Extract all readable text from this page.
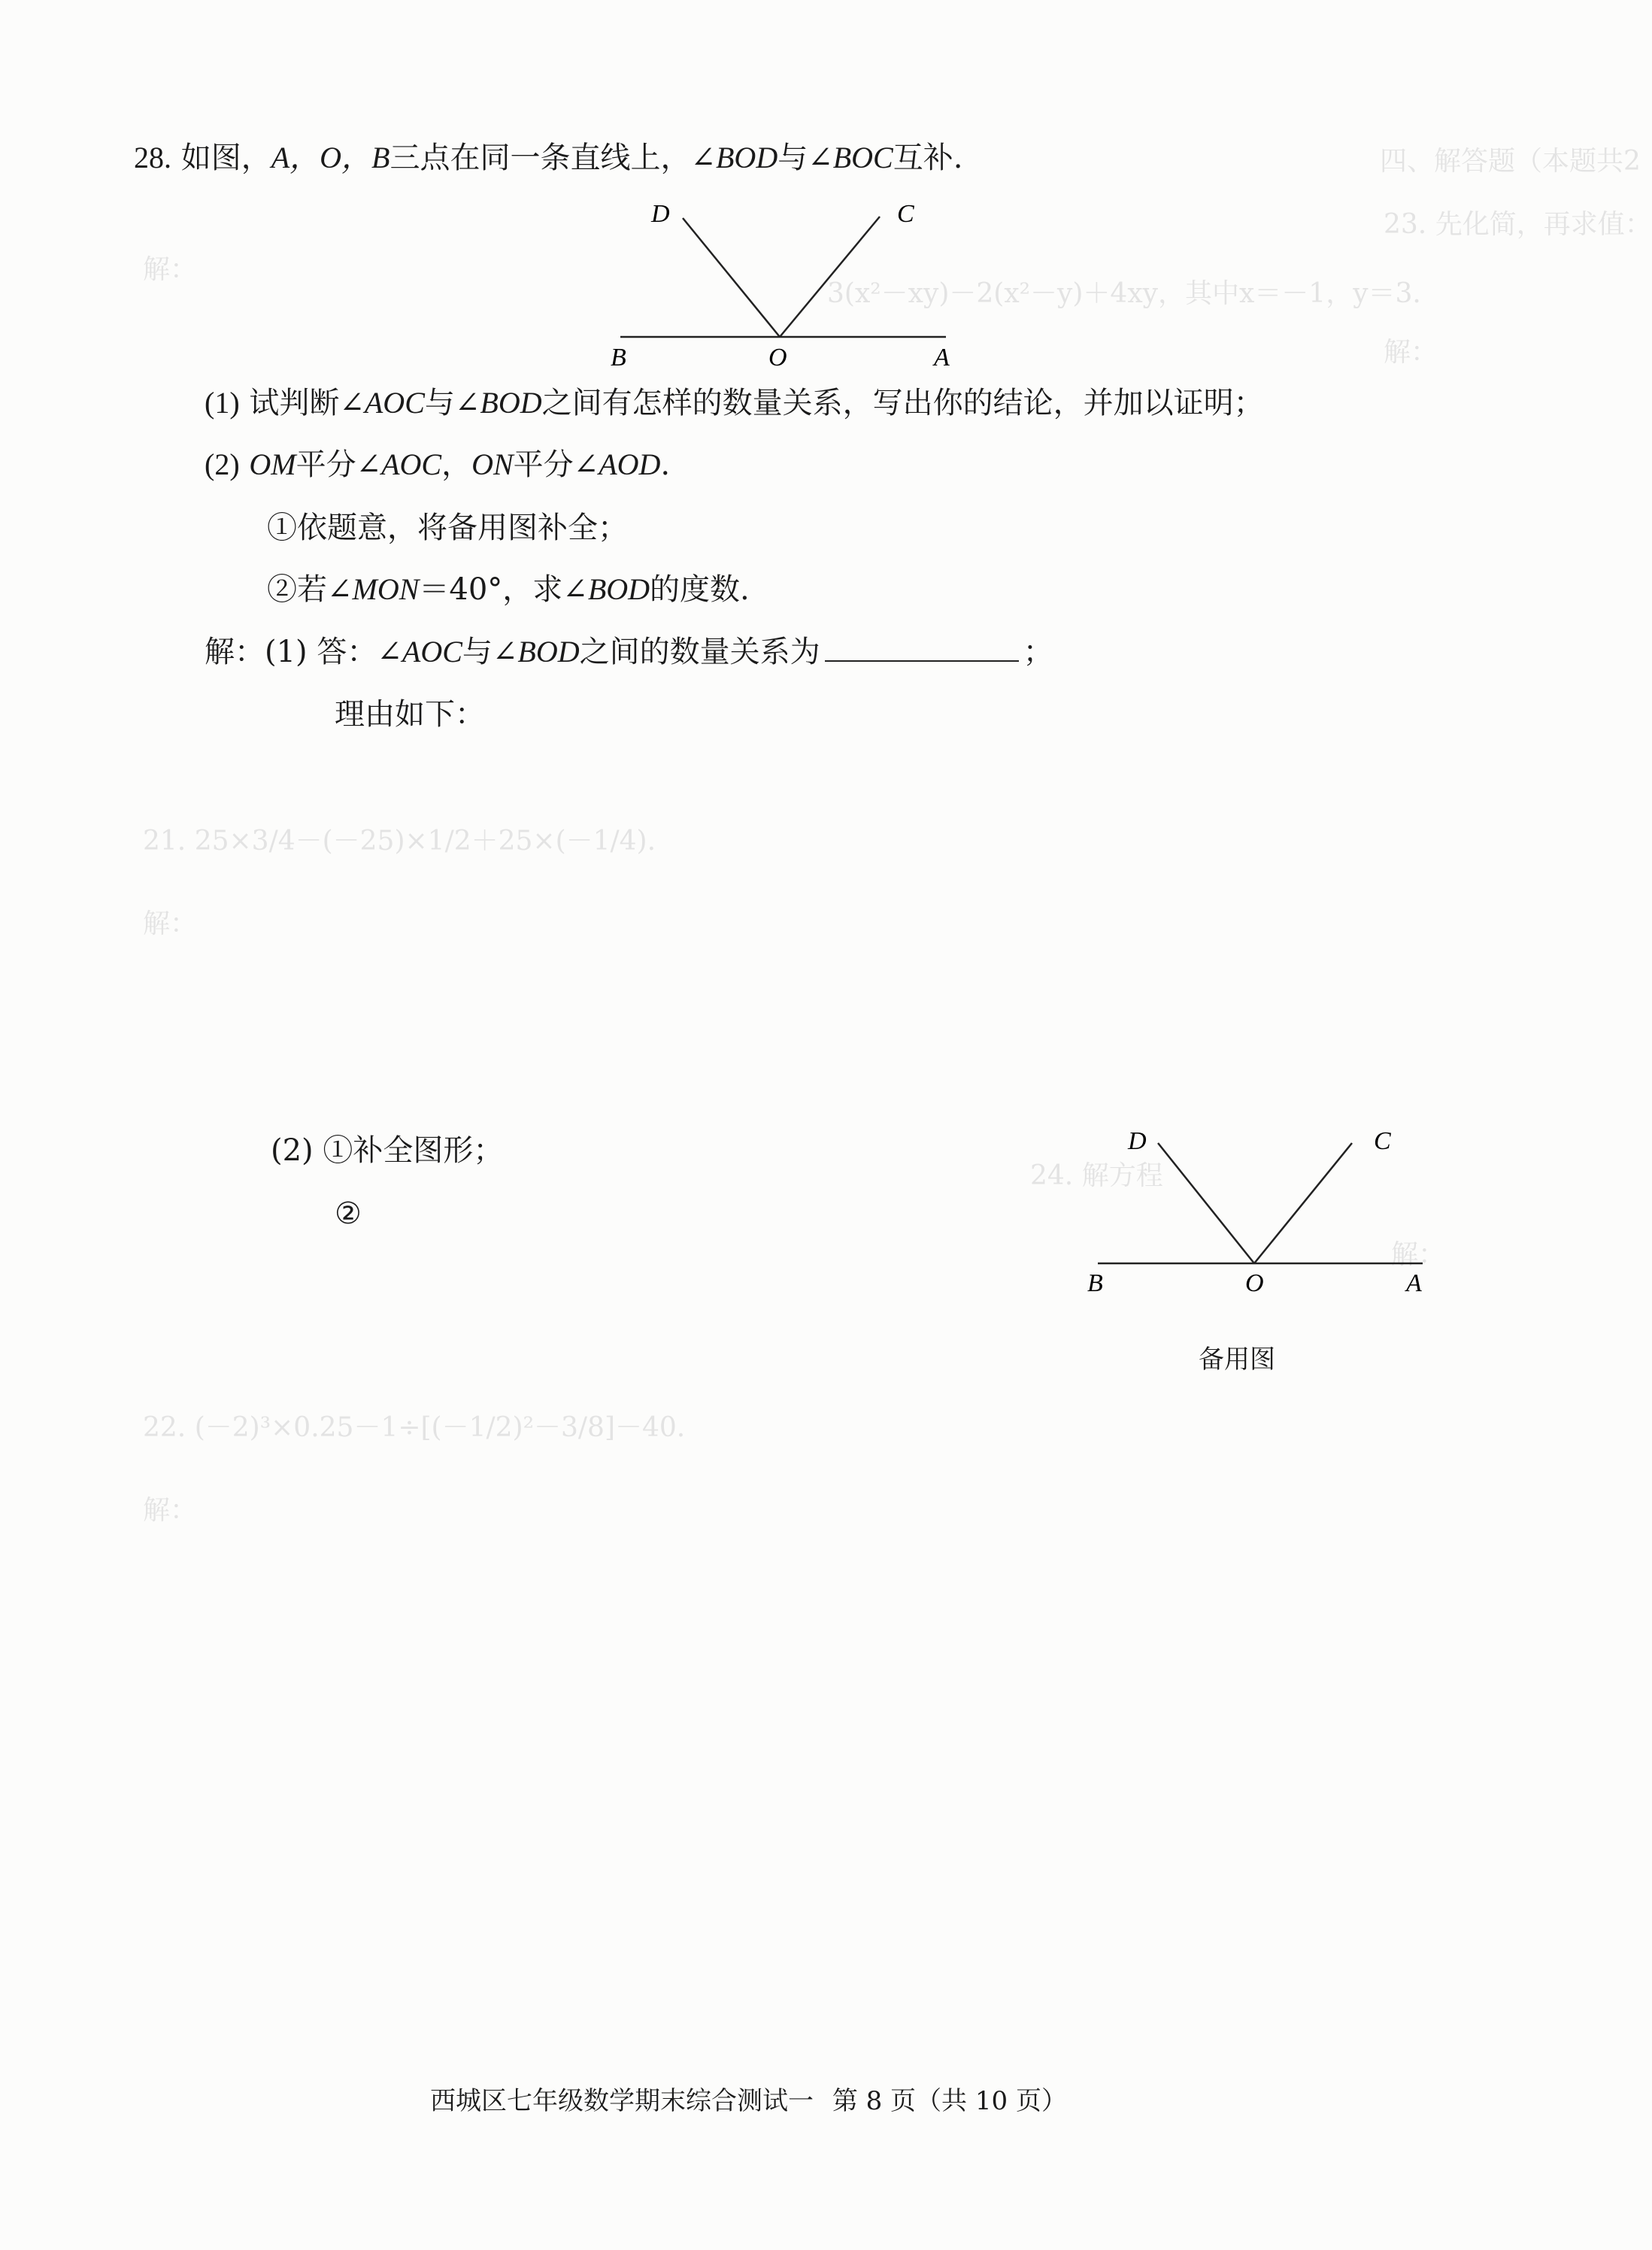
四、解答题（本题共2
23. 先化简，再求值：
解：
3(x²－xy)－2(x²－y)＋4xy，其中x＝－1，y＝3.
解：
21. 25×3/4－(－25)×1/2＋25×(－1/4).
解：
24. 解方程
解：
22. (－2)³×0.25－1÷[(－1/2)²－3/8]－40.
解：
28. 如图，A，O，B三点在同一条直线上，∠BOD与∠BOC互补.
D	C
B	O	A
(1) 试判断∠AOC与∠BOD之间有怎样的数量关系，写出你的结论，并加以证明；
(2) OM平分∠AOC，ON平分∠AOD.
①依题意，将备用图补全；
②若∠MON＝40°，求∠BOD的度数.
解：(1) 答：∠AOC与∠BOD之间的数量关系为	；
理由如下：
(2) ①补全图形；
②
D	C
B	O	A
备用图
西城区七年级数学期末综合测试一 第 8 页（共 10 页）
